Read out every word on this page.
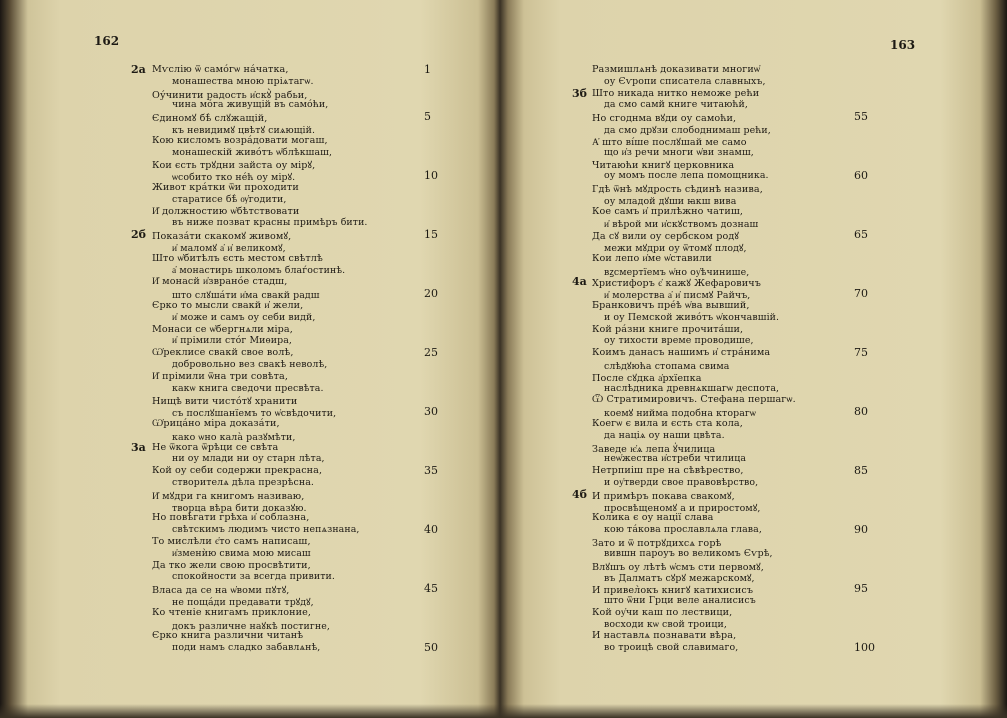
162
Мѵслію ѿ само́гѡ на́чатка,
монашества мною пріѧтагѡ.
Оу́чинити радость и҆скꙋ̀ рабьи,
чина мо́га живущій въ само́ћи,
Єдиномꙋ бѣ̀ слꙋжащій,
къ невидимꙋ цвѣтꙋ сиѧющій.
Кою кисломъ возра́довати могаш,
монашескій живо́тъ ѡ҆блѣкшаш,
Кои єсть трꙋдни зайста оу мірꙋ,
ѡсобито тко не́ћ оу мірꙋ.
Живот кра́тки ѿи проходити
старатисе бѣ̀ ѹ҆годити,
И҆ должностию ѡ҆бѣтствовати
въ ниже позват красны примѣръ бити.
Показа́ти скакомꙋ живомꙋ,
и҆ маломꙋ а҆ и҆ великомꙋ,
Што ѡ҆битѣлъ єсть местом свѣтлѣ
а҆ монастирь школомъ блаѓостинѣ.
И҆ монасй и҆зврано́е стадш,
што слꙋша́ти и҆ма свакй радш
Єрко то мысли свакй и҆ жели,
и҆ може и самъ оу себи видй,
Монаси се ѡ҆бергнѧли міра,
и҆ прімили сто́г Миѳира,
Ѡ҆реклисе свакй свое волѣ,
добровольно вез свакѣ неволѣ,
И҆ прімили ѿна три совѣта,
какѡ книга сведочи пресвѣта.
Нищѣ вити чисто́тꙋ хранити
съ послꙋшанїемъ то ѡ҆свѣдочити,
Ѡ҆рица́но міра доказа́ти,
како ѡно кала̀ разꙋмѣти,
Не ѿкога ѿрѣци се свѣта
ни оу млади ни оу старн лѣта,
Кой оу себи содержи прекрасна,
створителѧ дѣла презрѣсна.
И҆ мꙋдри га книгомъ називаю,
творца вѣра бити доказꙋю.
Но повѣгати грѣха и҆ соблазна,
свѣтскимъ людимъ чисто непѧзнана,
То мислѣли є҆то самъ написаш,
и҆зменѝю свима мою мисаш
Да тко жели свою просвѣтити,
спокойности за всегда привити.
Власа да се на ѡ҆воми пꙋтꙋ,
не поща́ди предавати трꙋдꙋ,
Ко чтеніе книгамъ приклоние,
докъ различне наꙋкѣ постигне,
Єрко книга различни читанѣ
поди намъ сладко забавлѧнѣ,
1
5
10
15
20
25
30
35
40
45
50
2а
2б
3а
163
Размишлѧнѣ доказивати многиѡ҆
оу Єѵропи списатела славныхъ,
Што никада нитко неможе рећи
да смо самй книге читаюћй,
Но сгоднма вꙋди оу самоћи,
да смо дрꙋзи слободнимаш рећи,
А҆ што ві́ше послꙋшай ме само
що и҆з речи многи ѡ҆ви знамш,
Читаюћи книгꙋ церковника
оу момъ после лепа помощника.
Гдѣ ѿнѣ мꙋдрость сѣдинѣ назива,
оу младой дꙋши ꙗкш вива
Кое самъ и҆ прилѣжно чатиш,
и҆ вѣрой ми и҆скꙋствомъ дознаш
Да сꙋ вили оу сербском родꙋ
межи мꙋдри оу ѿтомꙋ плодꙋ,
Кои лепо и҆ме ѡ҆ставили
вꙁсмертїемъ ѡ҆но оу҆ѣчинише,
Христифоръ є҆ кажꙋ Жефаровичъ
и҆ молерства а҆ и҆ писмꙋ Райчъ,
Бранковичъ пре́ѣ ѡ҆ва вывший,
и оу Пемской живо́тъ ѡ҆кончавшій.
Кой ра́зни книге прочита́ши,
оу тихости време проводише,
Коимъ данасъ нашимъ и҆ стра́нима
слѣдꙋюћа стопама свима
После сꙋдка а҆рхїепка
наслѣдника древнѧкшагѡ деспота,
Ѿ Стратимировичъ. Стефана першагѡ.
коемꙋ нийма подобна кторагѡ
Коегѡ є вила и єсть ста кола,
да націѧ оу наши цвѣта.
Заведе ѥ҆ѧ лепа ꙋ҆чилица
неѡ҆жества и҆стреби чтилица
Нетрпиіш пре на сѣвѣрество,
и оу҆тверди свое правовѣрство,
И примѣръ покава свакомꙋ,
просвѣщеномꙋ а и приростомꙋ,
Колика є оу нації слава
кою та́кова прославлѧла глава,
Зато и ѿ потрꙋдихсѧ горѣ
вившн пароуъ во великомъ Єѵрѣ,
Влꙋшъ оу лѣтѣ ѡ҆смъ сти первомꙋ,
въ Далматъ сꙋрꙋ межарскомꙋ,
И привел̀окъ книгꙋ катихисисъ
што ѿни Грци веле аналисисъ
Кой оу҆чи каш по лествици,
восходи кѡ свой троици,
И наставлѧ познавати вѣра,
во троицѣ свой славимаго,
55
60
65
70
75
80
85
90
95
100
3б
4а
4б
